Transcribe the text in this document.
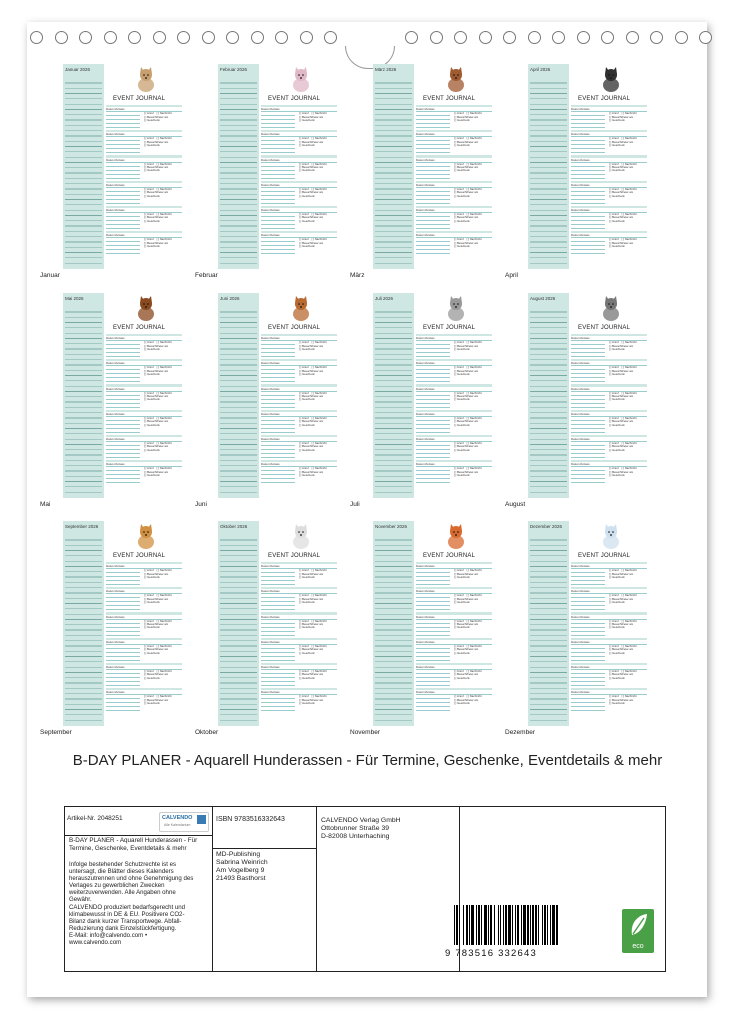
Januar 2026
EVENT JOURNAL
Datum/Anlass
[ ] Anruf [ ] Nachricht
[ ] Besuch/Feier am
[ ] Geschenk
Datum/Anlass
[ ] Anruf [ ] Nachricht
[ ] Besuch/Feier am
[ ] Geschenk
Datum/Anlass
[ ] Anruf [ ] Nachricht
[ ] Besuch/Feier am
[ ] Geschenk
Datum/Anlass
[ ] Anruf [ ] Nachricht
[ ] Besuch/Feier am
[ ] Geschenk
Datum/Anlass
[ ] Anruf [ ] Nachricht
[ ] Besuch/Feier am
[ ] Geschenk
Datum/Anlass
[ ] Anruf [ ] Nachricht
[ ] Besuch/Feier am
[ ] Geschenk
Januar
Februar 2026
EVENT JOURNAL
Datum/Anlass
[ ] Anruf [ ] Nachricht
[ ] Besuch/Feier am
[ ] Geschenk
Datum/Anlass
[ ] Anruf [ ] Nachricht
[ ] Besuch/Feier am
[ ] Geschenk
Datum/Anlass
[ ] Anruf [ ] Nachricht
[ ] Besuch/Feier am
[ ] Geschenk
Datum/Anlass
[ ] Anruf [ ] Nachricht
[ ] Besuch/Feier am
[ ] Geschenk
Datum/Anlass
[ ] Anruf [ ] Nachricht
[ ] Besuch/Feier am
[ ] Geschenk
Datum/Anlass
[ ] Anruf [ ] Nachricht
[ ] Besuch/Feier am
[ ] Geschenk
Februar
März 2026
EVENT JOURNAL
Datum/Anlass
[ ] Anruf [ ] Nachricht
[ ] Besuch/Feier am
[ ] Geschenk
Datum/Anlass
[ ] Anruf [ ] Nachricht
[ ] Besuch/Feier am
[ ] Geschenk
Datum/Anlass
[ ] Anruf [ ] Nachricht
[ ] Besuch/Feier am
[ ] Geschenk
Datum/Anlass
[ ] Anruf [ ] Nachricht
[ ] Besuch/Feier am
[ ] Geschenk
Datum/Anlass
[ ] Anruf [ ] Nachricht
[ ] Besuch/Feier am
[ ] Geschenk
Datum/Anlass
[ ] Anruf [ ] Nachricht
[ ] Besuch/Feier am
[ ] Geschenk
März
April 2026
EVENT JOURNAL
Datum/Anlass
[ ] Anruf [ ] Nachricht
[ ] Besuch/Feier am
[ ] Geschenk
Datum/Anlass
[ ] Anruf [ ] Nachricht
[ ] Besuch/Feier am
[ ] Geschenk
Datum/Anlass
[ ] Anruf [ ] Nachricht
[ ] Besuch/Feier am
[ ] Geschenk
Datum/Anlass
[ ] Anruf [ ] Nachricht
[ ] Besuch/Feier am
[ ] Geschenk
Datum/Anlass
[ ] Anruf [ ] Nachricht
[ ] Besuch/Feier am
[ ] Geschenk
Datum/Anlass
[ ] Anruf [ ] Nachricht
[ ] Besuch/Feier am
[ ] Geschenk
April
Mai 2026
EVENT JOURNAL
Datum/Anlass
[ ] Anruf [ ] Nachricht
[ ] Besuch/Feier am
[ ] Geschenk
Datum/Anlass
[ ] Anruf [ ] Nachricht
[ ] Besuch/Feier am
[ ] Geschenk
Datum/Anlass
[ ] Anruf [ ] Nachricht
[ ] Besuch/Feier am
[ ] Geschenk
Datum/Anlass
[ ] Anruf [ ] Nachricht
[ ] Besuch/Feier am
[ ] Geschenk
Datum/Anlass
[ ] Anruf [ ] Nachricht
[ ] Besuch/Feier am
[ ] Geschenk
Datum/Anlass
[ ] Anruf [ ] Nachricht
[ ] Besuch/Feier am
[ ] Geschenk
Mai
Juni 2026
EVENT JOURNAL
Datum/Anlass
[ ] Anruf [ ] Nachricht
[ ] Besuch/Feier am
[ ] Geschenk
Datum/Anlass
[ ] Anruf [ ] Nachricht
[ ] Besuch/Feier am
[ ] Geschenk
Datum/Anlass
[ ] Anruf [ ] Nachricht
[ ] Besuch/Feier am
[ ] Geschenk
Datum/Anlass
[ ] Anruf [ ] Nachricht
[ ] Besuch/Feier am
[ ] Geschenk
Datum/Anlass
[ ] Anruf [ ] Nachricht
[ ] Besuch/Feier am
[ ] Geschenk
Datum/Anlass
[ ] Anruf [ ] Nachricht
[ ] Besuch/Feier am
[ ] Geschenk
Juni
Juli 2026
EVENT JOURNAL
Datum/Anlass
[ ] Anruf [ ] Nachricht
[ ] Besuch/Feier am
[ ] Geschenk
Datum/Anlass
[ ] Anruf [ ] Nachricht
[ ] Besuch/Feier am
[ ] Geschenk
Datum/Anlass
[ ] Anruf [ ] Nachricht
[ ] Besuch/Feier am
[ ] Geschenk
Datum/Anlass
[ ] Anruf [ ] Nachricht
[ ] Besuch/Feier am
[ ] Geschenk
Datum/Anlass
[ ] Anruf [ ] Nachricht
[ ] Besuch/Feier am
[ ] Geschenk
Datum/Anlass
[ ] Anruf [ ] Nachricht
[ ] Besuch/Feier am
[ ] Geschenk
Juli
August 2026
EVENT JOURNAL
Datum/Anlass
[ ] Anruf [ ] Nachricht
[ ] Besuch/Feier am
[ ] Geschenk
Datum/Anlass
[ ] Anruf [ ] Nachricht
[ ] Besuch/Feier am
[ ] Geschenk
Datum/Anlass
[ ] Anruf [ ] Nachricht
[ ] Besuch/Feier am
[ ] Geschenk
Datum/Anlass
[ ] Anruf [ ] Nachricht
[ ] Besuch/Feier am
[ ] Geschenk
Datum/Anlass
[ ] Anruf [ ] Nachricht
[ ] Besuch/Feier am
[ ] Geschenk
Datum/Anlass
[ ] Anruf [ ] Nachricht
[ ] Besuch/Feier am
[ ] Geschenk
August
September 2026
EVENT JOURNAL
Datum/Anlass
[ ] Anruf [ ] Nachricht
[ ] Besuch/Feier am
[ ] Geschenk
Datum/Anlass
[ ] Anruf [ ] Nachricht
[ ] Besuch/Feier am
[ ] Geschenk
Datum/Anlass
[ ] Anruf [ ] Nachricht
[ ] Besuch/Feier am
[ ] Geschenk
Datum/Anlass
[ ] Anruf [ ] Nachricht
[ ] Besuch/Feier am
[ ] Geschenk
Datum/Anlass
[ ] Anruf [ ] Nachricht
[ ] Besuch/Feier am
[ ] Geschenk
Datum/Anlass
[ ] Anruf [ ] Nachricht
[ ] Besuch/Feier am
[ ] Geschenk
September
Oktober 2026
EVENT JOURNAL
Datum/Anlass
[ ] Anruf [ ] Nachricht
[ ] Besuch/Feier am
[ ] Geschenk
Datum/Anlass
[ ] Anruf [ ] Nachricht
[ ] Besuch/Feier am
[ ] Geschenk
Datum/Anlass
[ ] Anruf [ ] Nachricht
[ ] Besuch/Feier am
[ ] Geschenk
Datum/Anlass
[ ] Anruf [ ] Nachricht
[ ] Besuch/Feier am
[ ] Geschenk
Datum/Anlass
[ ] Anruf [ ] Nachricht
[ ] Besuch/Feier am
[ ] Geschenk
Datum/Anlass
[ ] Anruf [ ] Nachricht
[ ] Besuch/Feier am
[ ] Geschenk
Oktober
November 2026
EVENT JOURNAL
Datum/Anlass
[ ] Anruf [ ] Nachricht
[ ] Besuch/Feier am
[ ] Geschenk
Datum/Anlass
[ ] Anruf [ ] Nachricht
[ ] Besuch/Feier am
[ ] Geschenk
Datum/Anlass
[ ] Anruf [ ] Nachricht
[ ] Besuch/Feier am
[ ] Geschenk
Datum/Anlass
[ ] Anruf [ ] Nachricht
[ ] Besuch/Feier am
[ ] Geschenk
Datum/Anlass
[ ] Anruf [ ] Nachricht
[ ] Besuch/Feier am
[ ] Geschenk
Datum/Anlass
[ ] Anruf [ ] Nachricht
[ ] Besuch/Feier am
[ ] Geschenk
November
Dezember 2026
EVENT JOURNAL
Datum/Anlass
[ ] Anruf [ ] Nachricht
[ ] Besuch/Feier am
[ ] Geschenk
Datum/Anlass
[ ] Anruf [ ] Nachricht
[ ] Besuch/Feier am
[ ] Geschenk
Datum/Anlass
[ ] Anruf [ ] Nachricht
[ ] Besuch/Feier am
[ ] Geschenk
Datum/Anlass
[ ] Anruf [ ] Nachricht
[ ] Besuch/Feier am
[ ] Geschenk
Datum/Anlass
[ ] Anruf [ ] Nachricht
[ ] Besuch/Feier am
[ ] Geschenk
Datum/Anlass
[ ] Anruf [ ] Nachricht
[ ] Besuch/Feier am
[ ] Geschenk
Dezember
B-DAY PLANER - Aquarell Hunderassen - Für Termine, Geschenke, Eventdetails & mehr
Artikel-Nr. 2048251	CALVENDO
Alle Kalendarium
B-DAY PLANER - Aquarell Hunderassen - Für Termine, Geschenke, Eventdetails & mehr
Infolge bestehender Schutzrechte ist es
untersagt, die Blätter dieses Kalenders
herauszutrennen und ohne Genehmigung des
Verlages zu gewerblichen Zwecken
weiterzuverwenden. Alle Angaben ohne
Gewähr.
CALVENDO produziert bedarfsgerecht und
klimabewusst in DE & EU. Positivere CO2-
Bilanz dank kurzer Transportwege. Abfall-
Reduzierung dank Einzelstückfertigung.
E-Mail: info@calvendo.com •
www.calvendo.com
ISBN 9783516332643
MD-Publishing
Sabrina Weinrich
Am Vogelberg 9
21493 Basthorst
CALVENDO Verlag GmbH
Ottobrunner Straße 39
D-82008 Unterhaching
9 783516 332643
eco
